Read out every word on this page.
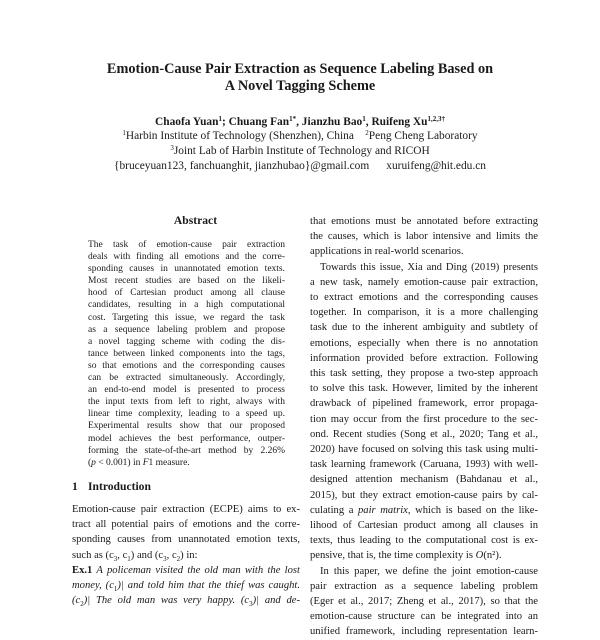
Emotion-Cause Pair Extraction as Sequence Labeling Based on
A Novel Tagging Scheme
Chaofa Yuan$^1$; Chuang Fan$^{1*}$, Jianzhu Bao$^1$, Ruifeng $Xu^{1,2,3\dagger}$
$^1$Harbin Institute of Technology (Shenzhen), China $^2$Peng Cheng Laboratory
$^3$Joint Lab of Harbin Institute of Technology and RICOH
{bruceyuan123, fanchuanghit, jianzhubao}@gmail.com xuruifeng@hit.edu.cn
Abstract
The task of emotion-cause pair extraction
deals with finding all emotions and the corre-
sponding causes in unannotated emotion texts.
Most recent studies are based on the likeli-
hood of Cartesian product among all clause
candidates, resulting in a high computational
cost. Targeting this issue, we regard the task
as a sequence labeling problem and propose
a novel tagging scheme with coding the dis-
tance between linked components into the tags,
so that emotions and the corresponding causes
can be extracted simultaneously. Accordingly,
an end-to-end model is presented to process
the input texts from left to right, always with
linear time complexity, leading to a speed up.
Experimental results show that our proposed
model achieves the best performance, outper-
forming the state-of-the-art method by 2.26%
(p < 0.001) in F1 measure.
1 Introduction
Emotion-cause pair extraction (ECPE) aims to ex-
tract all potential pairs of emotions and the corre-
sponding causes from unannotated emotion texts,
such as ($c_3$, $c_1$) and ($c_3$, $c_2$) in:
Ex.1 A policeman visited the old man with the lost
money, $(c_1)|$ and told him that the thief was caught.
$(c_2)|$ The old man was very happy. $(c_3)|$ and de-
that emotions must be annotated before extracting
the causes, which is labor intensive and limits the
applications in real-world scenarios.
Towards this issue, Xia and Ding (2019) presents
a new task, namely emotion-cause pair extraction,
to extract emotions and the corresponding causes
together. In comparison, it is a more challenging
task due to the inherent ambiguity and subtlety of
emotions, especially when there is no annotation
information provided before extraction. Following
this task setting, they propose a two-step approach
to solve this task. However, limited by the inherent
drawback of pipelined framework, error propaga-
tion may occur from the first procedure to the sec-
ond. Recent studies (Song et al., 2020; Tang et al.,
2020) have focused on solving this task using multi-
task learning framework (Caruana, 1993) with well-
designed attention mechanism (Bahdanau et al.,
2015), but they extract emotion-cause pairs by cal-
culating a pair matrix, which is based on the like-
lihood of Cartesian product among all clauses in
texts, thus leading to the computational cost is ex-
pensive, that is, the time complexity is O(n²).
In this paper, we define the joint emotion-cause
pair extraction as a sequence labeling problem
(Eger et al., 2017; Zheng et al., 2017), so that the
emotion-cause structure can be integrated into an
unified framework, including representation learn-
